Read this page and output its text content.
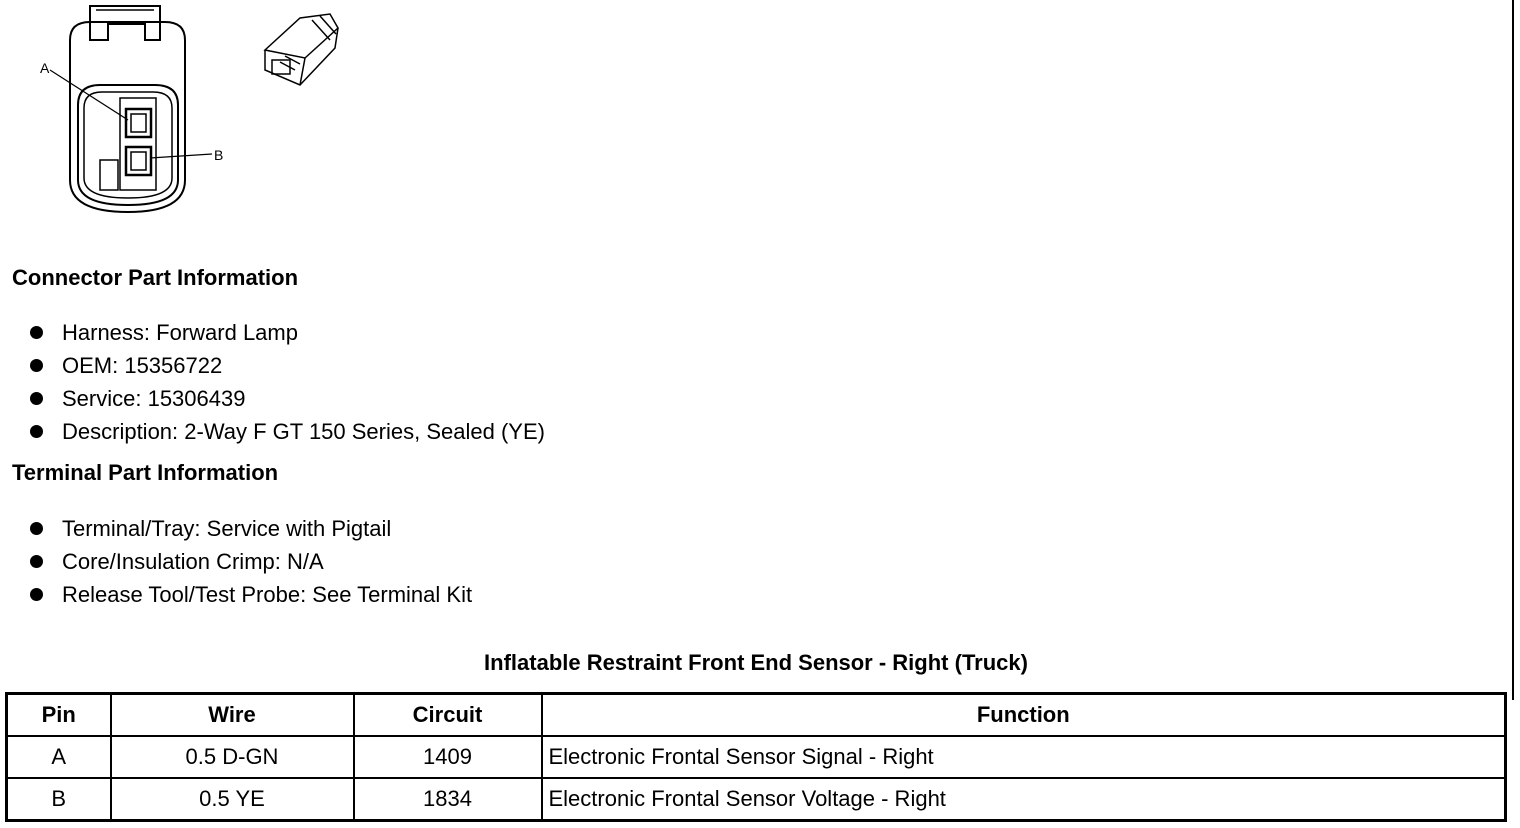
A
B
Connector Part Information
Harness: Forward Lamp
OEM: 15356722
Service: 15306439
Description: 2-Way F GT 150 Series, Sealed (YE)
Terminal Part Information
Terminal/Tray: Service with Pigtail
Core/Insulation Crimp: N/A
Release Tool/Test Probe: See Terminal Kit
Inflatable Restraint Front End Sensor - Right (Truck)
Pin	Wire	Circuit	Function
A	0.5 D-GN	1409	Electronic Frontal Sensor Signal - Right
B	0.5 YE	1834	Electronic Frontal Sensor Voltage - Right
